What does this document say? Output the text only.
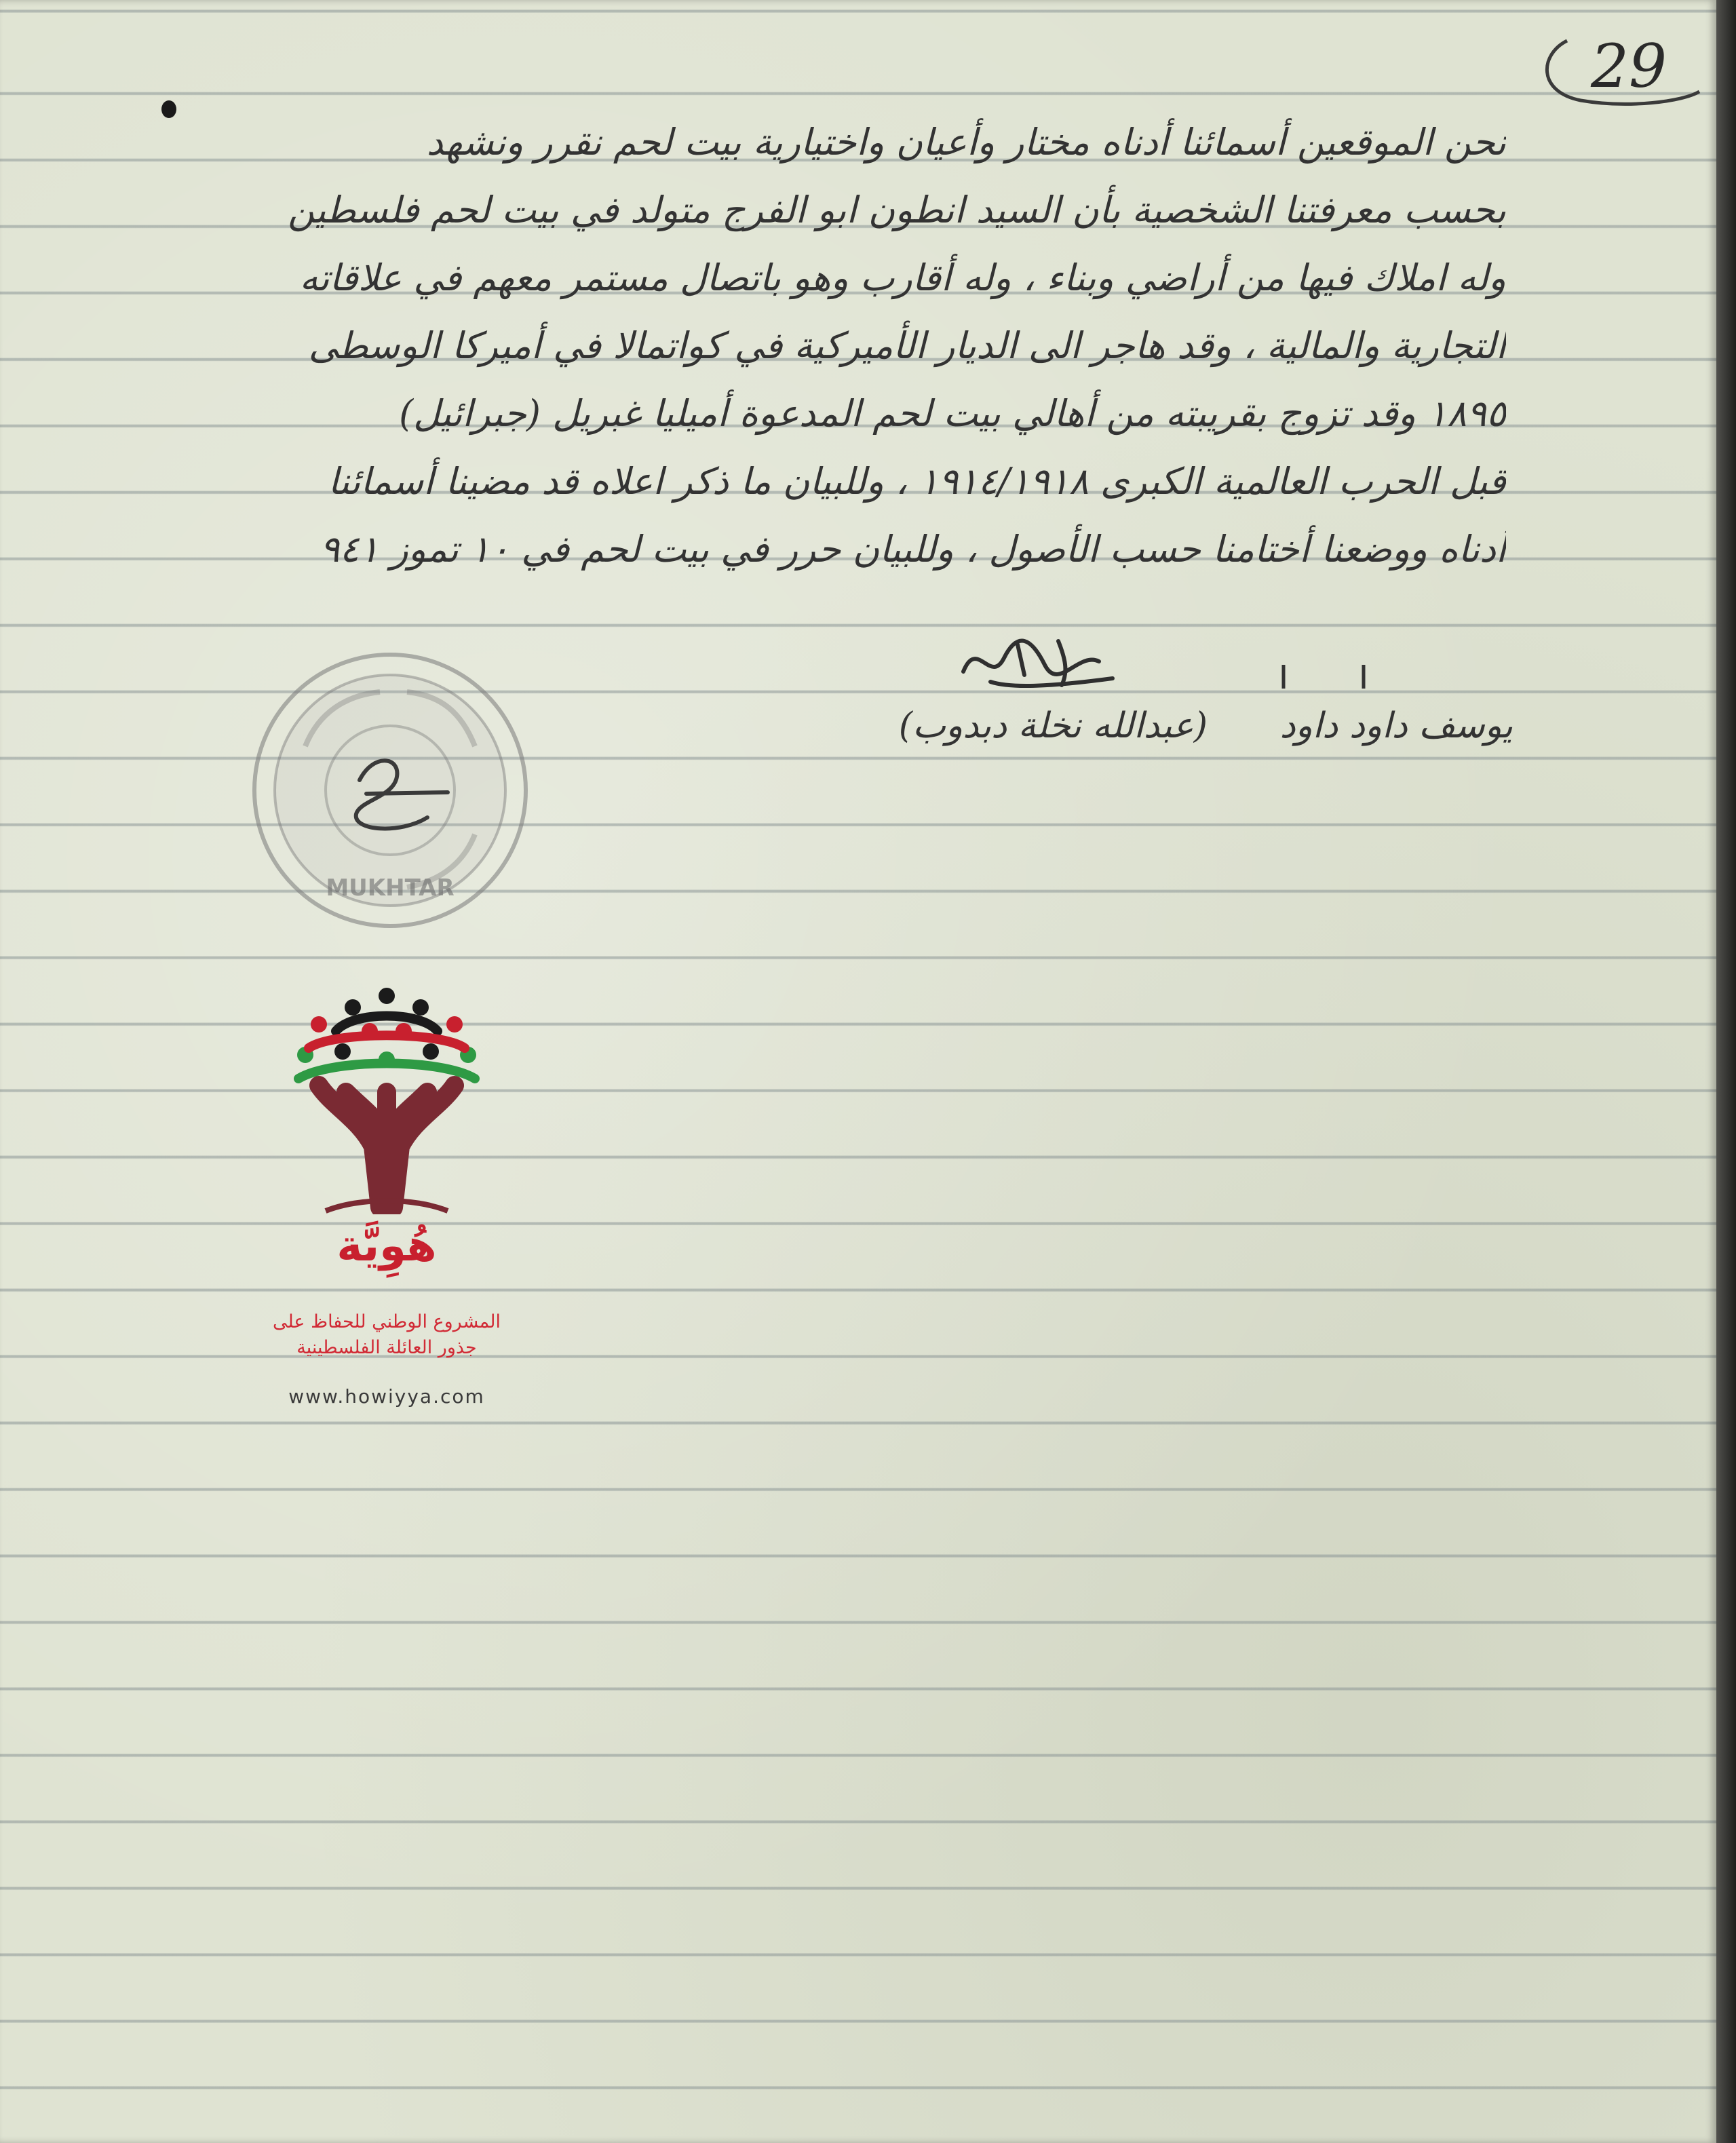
29
نحن الموقعين أسمائنا أدناه مختار وأعيان واختيارية بيت لحم نقرر ونشهد
بحسب معرفتنا الشخصية بأن السيد انطون ابو الفرج متولد في بيت لحم فلسطين
وله املاك فيها من أراضي وبناء ، وله أقارب وهو باتصال مستمر معهم في علاقاته
التجارية والمالية ، وقد هاجر الى الديار الأميركية في كواتمالا في أميركا الوسطى
١٨٩٥ وقد تزوج بقريبته من أهالي بيت لحم المدعوة أميليا غبريل (جبرائيل)
قبل الحرب العالمية الكبرى ١٩١٤/١٩١٨ ، وللبيان ما ذكر اعلاه قد مضينا أسمائنا
أدناه ووضعنا أختامنا حسب الأصول ، وللبيان حرر في بيت لحم في ١٠ تموز ٩٤١
يوسف داود داود
(عبدالله نخلة دبدوب)
MUKHTAR
هُوِيَّة
المشروع الوطني للحفاظ على
جذور العائلة الفلسطينية
www.howiyya.com
